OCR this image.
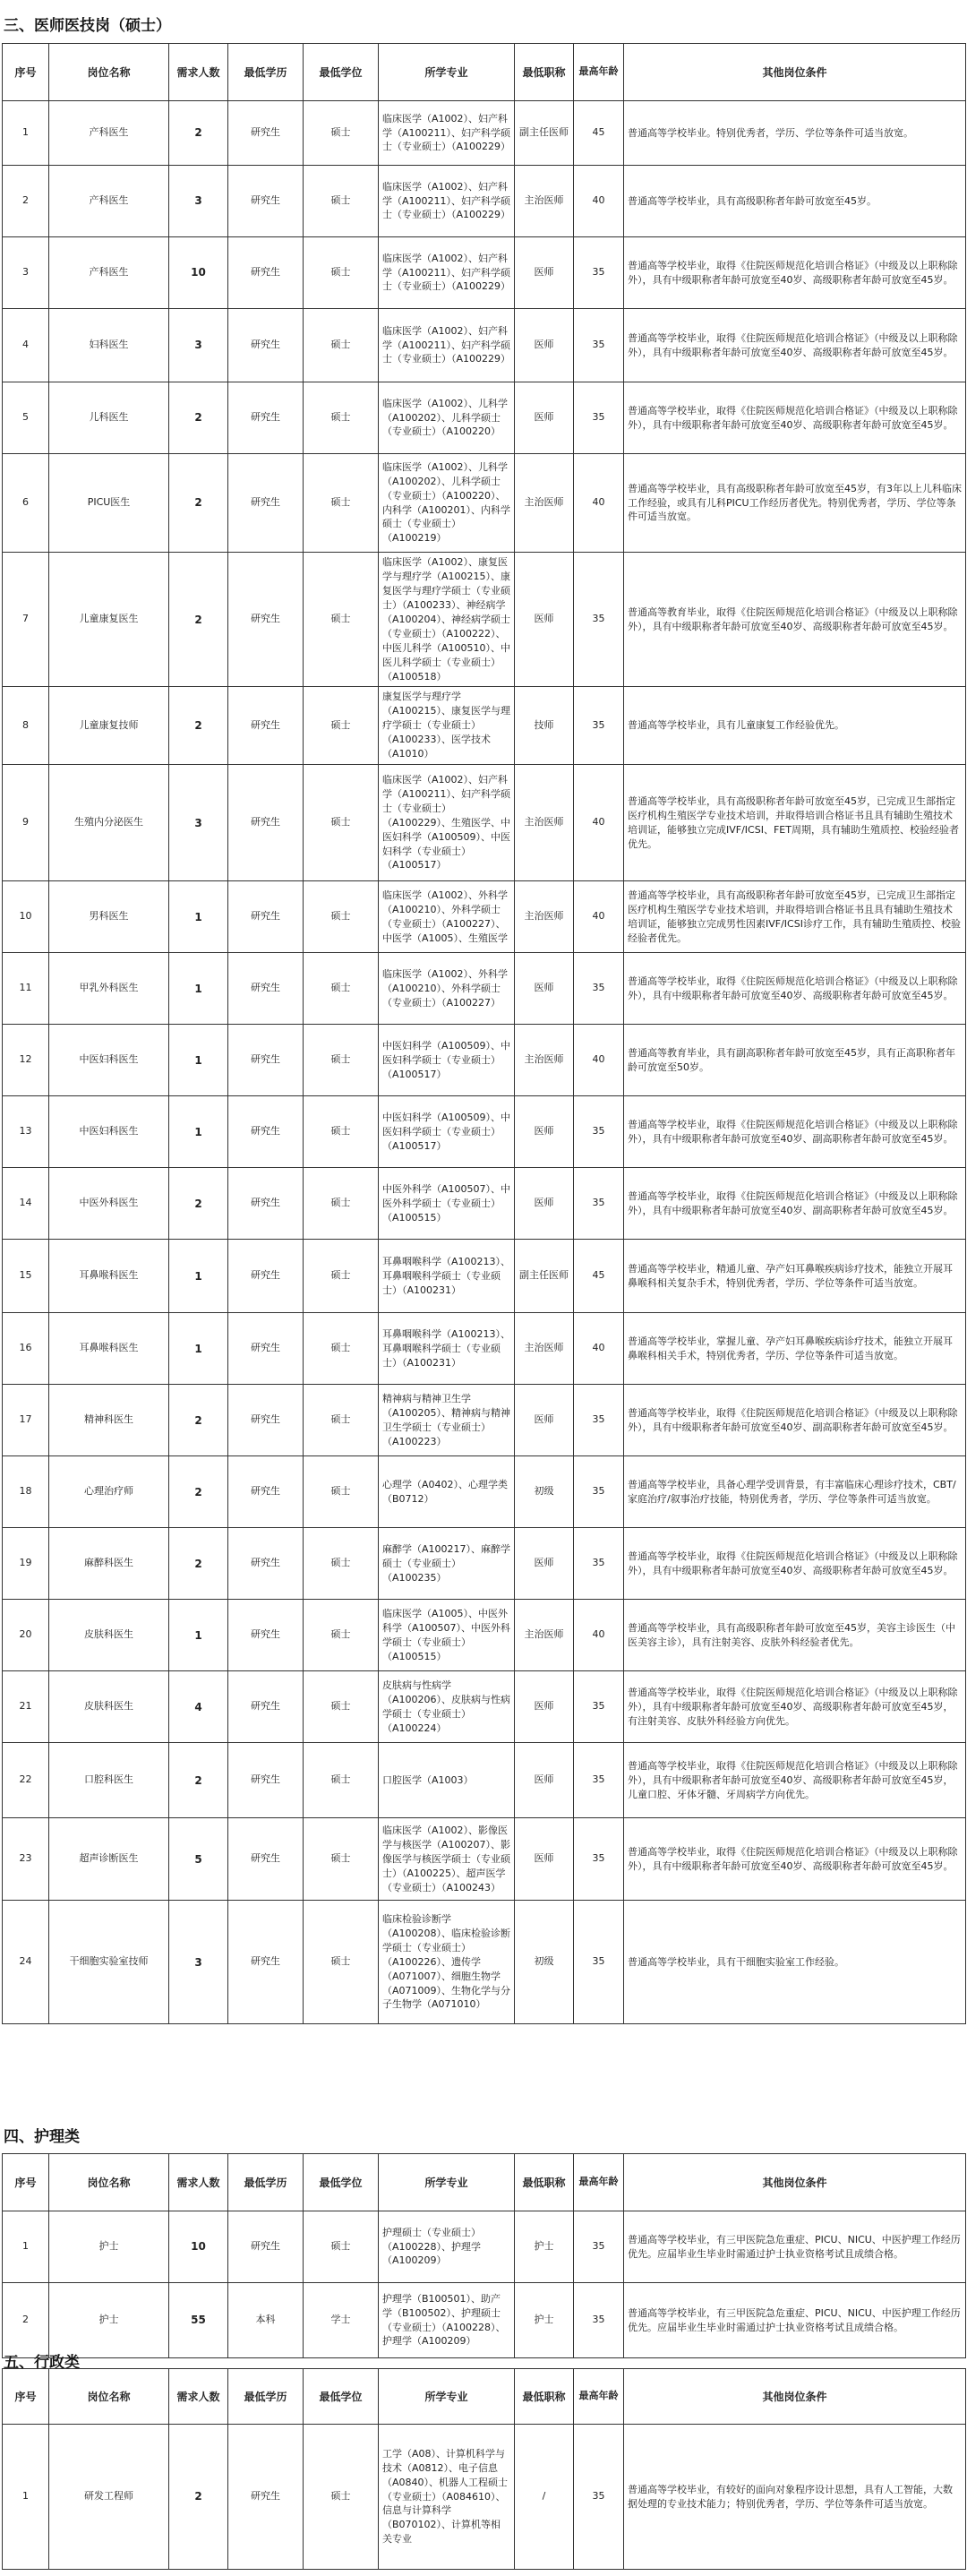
三、医师医技岗（硕士）
序号	岗位名称	需求人数	最低学历	最低学位	所学专业	最低职称	最高年龄	其他岗位条件
1	产科医生	2	研究生	硕士	临床医学（A1002）、妇产科学（A100211）、妇产科学硕士（专业硕士）（A100229）	副主任医师	45	普通高等学校毕业。特别优秀者，学历、学位等条件可适当放宽。
2	产科医生	3	研究生	硕士	临床医学（A1002）、妇产科学（A100211）、妇产科学硕士（专业硕士）（A100229）	主治医师	40	普通高等学校毕业，具有高级职称者年龄可放宽至45岁。
3	产科医生	10	研究生	硕士	临床医学（A1002）、妇产科学（A100211）、妇产科学硕士（专业硕士）（A100229）	医师	35	普通高等学校毕业，取得《住院医师规范化培训合格证》（中级及以上职称除外），具有中级职称者年龄可放宽至40岁、高级职称者年龄可放宽至45岁。
4	妇科医生	3	研究生	硕士	临床医学（A1002）、妇产科学（A100211）、妇产科学硕士（专业硕士）（A100229）	医师	35	普通高等学校毕业，取得《住院医师规范化培训合格证》（中级及以上职称除外），具有中级职称者年龄可放宽至40岁、高级职称者年龄可放宽至45岁。
5	儿科医生	2	研究生	硕士	临床医学（A1002）、儿科学（A100202）、儿科学硕士（专业硕士）（A100220）	医师	35	普通高等学校毕业，取得《住院医师规范化培训合格证》（中级及以上职称除外），具有中级职称者年龄可放宽至40岁、高级职称者年龄可放宽至45岁。
6	PICU医生	2	研究生	硕士	临床医学（A1002）、儿科学（A100202）、儿科学硕士（专业硕士）（A100220）、内科学（A100201）、内科学硕士（专业硕士）（A100219）	主治医师	40	普通高等学校毕业，具有高级职称者年龄可放宽至45岁，有3年以上儿科临床工作经验，或具有儿科PICU工作经历者优先。特别优秀者，学历、学位等条件可适当放宽。
7	儿童康复医生	2	研究生	硕士	临床医学（A1002）、康复医学与理疗学（A100215）、康复医学与理疗学硕士（专业硕士）（A100233）、神经病学（A100204）、神经病学硕士（专业硕士）（A100222）、中医儿科学（A100510）、中医儿科学硕士（专业硕士）（A100518）	医师	35	普通高等教育毕业，取得《住院医师规范化培训合格证》（中级及以上职称除外），具有中级职称者年龄可放宽至40岁、高级职称者年龄可放宽至45岁。
8	儿童康复技师	2	研究生	硕士	康复医学与理疗学（A100215）、康复医学与理疗学硕士（专业硕士）（A100233）、医学技术（A1010）	技师	35	普通高等学校毕业，具有儿童康复工作经验优先。
9	生殖内分泌医生	3	研究生	硕士	临床医学（A1002）、妇产科学（A100211）、妇产科学硕士（专业硕士）（A100229）、生殖医学、中医妇科学（A100509）、中医妇科学（专业硕士）（A100517）	主治医师	40	普通高等学校毕业，具有高级职称者年龄可放宽至45岁，已完成卫生部指定医疗机构生殖医学专业技术培训，并取得培训合格证书且具有辅助生殖技术培训证，能够独立完成IVF/ICSI、FET周期，具有辅助生殖质控、校验经验者优先。
10	男科医生	1	研究生	硕士	临床医学（A1002）、外科学（A100210）、外科学硕士（专业硕士）（A100227）、中医学（A1005）、生殖医学	主治医师	40	普通高等学校毕业，具有高级职称者年龄可放宽至45岁，已完成卫生部指定医疗机构生殖医学专业技术培训，并取得培训合格证书且具有辅助生殖技术培训证，能够独立完成男性因素IVF/ICSI诊疗工作，具有辅助生殖质控、校验经验者优先。
11	甲乳外科医生	1	研究生	硕士	临床医学（A1002）、外科学（A100210）、外科学硕士（专业硕士）（A100227）	医师	35	普通高等学校毕业，取得《住院医师规范化培训合格证》（中级及以上职称除外），具有中级职称者年龄可放宽至40岁、高级职称者年龄可放宽至45岁。
12	中医妇科医生	1	研究生	硕士	中医妇科学（A100509）、中医妇科学硕士（专业硕士）（A100517）	主治医师	40	普通高等教育毕业，具有副高职称者年龄可放宽至45岁，具有正高职称者年龄可放宽至50岁。
13	中医妇科医生	1	研究生	硕士	中医妇科学（A100509）、中医妇科学硕士（专业硕士）（A100517）	医师	35	普通高等学校毕业，取得《住院医师规范化培训合格证》（中级及以上职称除外），具有中级职称者年龄可放宽至40岁、副高职称者年龄可放宽至45岁。
14	中医外科医生	2	研究生	硕士	中医外科学（A100507）、中医外科学硕士（专业硕士）（A100515）	医师	35	普通高等学校毕业，取得《住院医师规范化培训合格证》（中级及以上职称除外），具有中级职称者年龄可放宽至40岁、副高职称者年龄可放宽至45岁。
15	耳鼻喉科医生	1	研究生	硕士	耳鼻咽喉科学（A100213）、耳鼻咽喉科学硕士（专业硕士）（A100231）	副主任医师	45	普通高等学校毕业，精通儿童、孕产妇耳鼻喉疾病诊疗技术，能独立开展耳鼻喉科相关复杂手术，特别优秀者，学历、学位等条件可适当放宽。
16	耳鼻喉科医生	1	研究生	硕士	耳鼻咽喉科学（A100213）、耳鼻咽喉科学硕士（专业硕士）（A100231）	主治医师	40	普通高等学校毕业，掌握儿童、孕产妇耳鼻喉疾病诊疗技术，能独立开展耳鼻喉科相关手术，特别优秀者，学历、学位等条件可适当放宽。
17	精神科医生	2	研究生	硕士	精神病与精神卫生学（A100205）、精神病与精神卫生学硕士（专业硕士）（A100223）	医师	35	普通高等学校毕业，取得《住院医师规范化培训合格证》（中级及以上职称除外），具有中级职称者年龄可放宽至40岁、副高职称者年龄可放宽至45岁。
18	心理治疗师	2	研究生	硕士	心理学（A0402）、心理学类（B0712）	初级	35	普通高等学校毕业，具备心理学受训背景，有丰富临床心理诊疗技术，CBT/家庭治疗/叙事治疗技能，特别优秀者，学历、学位等条件可适当放宽。
19	麻醉科医生	2	研究生	硕士	麻醉学（A100217）、麻醉学硕士（专业硕士）（A100235）	医师	35	普通高等学校毕业，取得《住院医师规范化培训合格证》（中级及以上职称除外），具有中级职称者年龄可放宽至40岁、高级职称者年龄可放宽至45岁。
20	皮肤科医生	1	研究生	硕士	临床医学（A1005）、中医外科学（A100507）、中医外科学硕士（专业硕士）（A100515）	主治医师	40	普通高等学校毕业，具有高级职称者年龄可放宽至45岁，美容主诊医生（中医美容主诊），具有注射美容、皮肤外科经验者优先。
21	皮肤科医生	4	研究生	硕士	皮肤病与性病学（A100206）、皮肤病与性病学硕士（专业硕士）（A100224）	医师	35	普通高等学校毕业，取得《住院医师规范化培训合格证》（中级及以上职称除外），具有中级职称者年龄可放宽至40岁、高级职称者年龄可放宽至45岁，有注射美容、皮肤外科经验方向优先。
22	口腔科医生	2	研究生	硕士	口腔医学（A1003）	医师	35	普通高等学校毕业，取得《住院医师规范化培训合格证》（中级及以上职称除外），具有中级职称者年龄可放宽至40岁、高级职称者年龄可放宽至45岁，儿童口腔、牙体牙髓、牙周病学方向优先。
23	超声诊断医生	5	研究生	硕士	临床医学（A1002）、影像医学与核医学（A100207）、影像医学与核医学硕士（专业硕士）（A100225）、超声医学（专业硕士）（A100243）	医师	35	普通高等学校毕业，取得《住院医师规范化培训合格证》（中级及以上职称除外），具有中级职称者年龄可放宽至40岁、高级职称者年龄可放宽至45岁。
24	干细胞实验室技师	3	研究生	硕士	临床检验诊断学（A100208）、临床检验诊断学硕士（专业硕士）（A100226）、遗传学（A071007）、细胞生物学（A071009）、生物化学与分子生物学（A071010）	初级	35	普通高等学校毕业，具有干细胞实验室工作经验。
四、护理类
序号	岗位名称	需求人数	最低学历	最低学位	所学专业	最低职称	最高年龄	其他岗位条件
1	护士	10	研究生	硕士	护理硕士（专业硕士）（A100228）、护理学（A100209）	护士	35	普通高等学校毕业，有三甲医院急危重症、PICU、NICU、中医护理工作经历优先。应届毕业生毕业时需通过护士执业资格考试且成绩合格。
2	护士	55	本科	学士	护理学（B100501）、助产学（B100502）、护理硕士（专业硕士）（A100228）、护理学（A100209）	护士	35	普通高等学校毕业，有三甲医院急危重症、PICU、NICU、中医护理工作经历优先。应届毕业生毕业时需通过护士执业资格考试且成绩合格。
五、行政类
序号	岗位名称	需求人数	最低学历	最低学位	所学专业	最低职称	最高年龄	其他岗位条件
1	研发工程师	2	研究生	硕士	工学（A08）、计算机科学与技术（A0812）、电子信息（A0840）、机器人工程硕士（专业硕士）（A084610）、信息与计算科学（B070102）、计算机等相关专业	/	35	普通高等学校毕业，有较好的面向对象程序设计思想，具有人工智能，大数据处理的专业技术能力；特别优秀者，学历、学位等条件可适当放宽。
